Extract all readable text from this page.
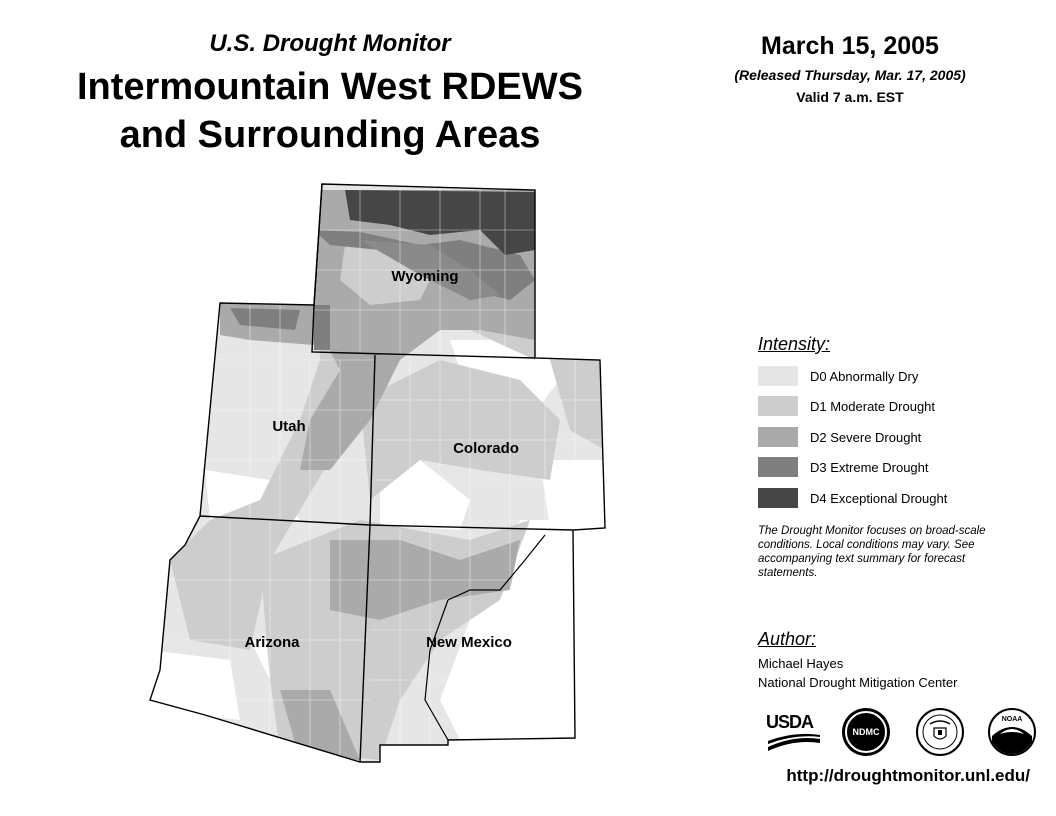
U.S. Drought Monitor
Intermountain West RDEWS
and Surrounding Areas
March 15, 2005
(Released Thursday, Mar. 17, 2005)
Valid 7 a.m. EST
Wyoming
Utah
Colorado
Arizona	New Mexico
Intensity:
D0 Abnormally Dry
D1 Moderate Drought
D2 Severe Drought
D3 Extreme Drought
D4 Exceptional Drought
The Drought Monitor focuses on broad-scale conditions. Local conditions may vary. See accompanying text summary for forecast statements.
Author:
Michael Hayes
National Drought Mitigation Center
USDA	NDMC
NOAA
http://droughtmonitor.unl.edu/
